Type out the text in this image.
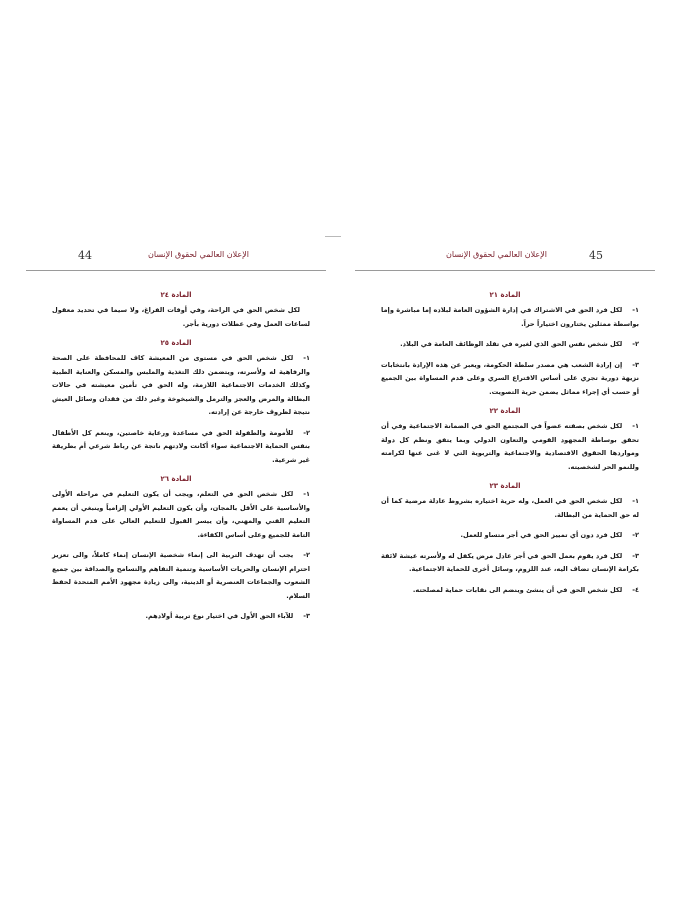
44	الإعلان العالمي لحقوق الإنسان
المادة ٢٤
لكل شخص الحق في الراحة، وفي أوقات الفراغ، ولا سيما في تحديد معقول لساعات العمل وفي عطلات دورية بأجر.
المادة ٢٥
١-لكل شخص الحق في مستوى من المعيشة كاف للمحافظة على الصحة والرفاهية له ولأسرته، ويتضمن ذلك التغذية والملبس والمسكن والعناية الطبية وكذلك الخدمات الاجتماعية اللازمة، وله الحق في تأمين معيشته في حالات البطالة والمرض والعجز والترمل والشيخوخة وغير ذلك من فقدان وسائل العيش نتيجة لظروف خارجة عن إرادته.
٢-للأمومة والطفولة الحق في مساعدة ورعاية خاصتين، وينعم كل الأطفال بنفس الحماية الاجتماعية سواء أكانت ولادتهم ناتجة عن رباط شرعي أم بطريقة غير شرعية.
المادة ٢٦
١-لكل شخص الحق في التعلم، ويجب أن يكون التعليم في مراحله الأولى والأساسية على الأقل بالمجان، وأن يكون التعليم الأولي إلزامياً وينبغي أن يعمم التعليم الفني والمهني، وأن ييسر القبول للتعليم العالي على قدم المساواة التامة للجميع وعلى أساس الكفاءة.
٢-يجب أن تهدف التربية الى إنماء شخصية الإنسان إنماء كاملاً، والى تعزيز احترام الإنسان والحريات الأساسية وتنمية التفاهم والتسامح والصداقة بين جميع الشعوب والجماعات العنصرية أو الدينية، والى زيادة مجهود الأمم المتحدة لحفظ السلام.
٣-للآباء الحق الأول في اختيار نوع تربية أولادهم.
45
الإعلان العالمي لحقوق الإنسان
المادة ٢١
١-لكل فرد الحق في الاشتراك في إدارة الشؤون العامة لبلاده إما مباشرة وإما بواسطة ممثلين يختارون اختياراً حراً.
٢-لكل شخص نفس الحق الذي لغيره في تقلد الوظائف العامة في البلاد.
٣-إن إرادة الشعب هي مصدر سلطة الحكومة، ويعبر عن هذه الإرادة بانتخابات نزيهة دورية تجري على أساس الاقتراع السري وعلى قدم المساواة بين الجميع أو حسب أي إجراء مماثل يضمن حرية التصويت.
المادة ٢٢
١-لكل شخص بصفته عضواً في المجتمع الحق في الضمانة الاجتماعية وفي أن تحقق بوساطة المجهود القومي والتعاون الدولي وبما يتفق ونظم كل دولة ومواردها الحقوق الاقتصادية والاجتماعية والتربوية التي لا غنى عنها لكرامته وللنمو الحر لشخصيته.
المادة ٢٣
١-لكل شخص الحق في العمل، وله حرية اختياره بشروط عادلة مرضية كما أن له حق الحماية من البطالة.
٢-لكل فرد دون أي تمييز الحق في أجر متساو للعمل.
٣-لكل فرد يقوم بعمل الحق في أجر عادل مرض يكفل له ولأسرته عيشة لائقة بكرامة الإنسان تضاف اليه، عند اللزوم، وسائل أخرى للحماية الاجتماعية.
٤-لكل شخص الحق في أن ينشئ وينضم الى نقابات حماية لمصلحته.
